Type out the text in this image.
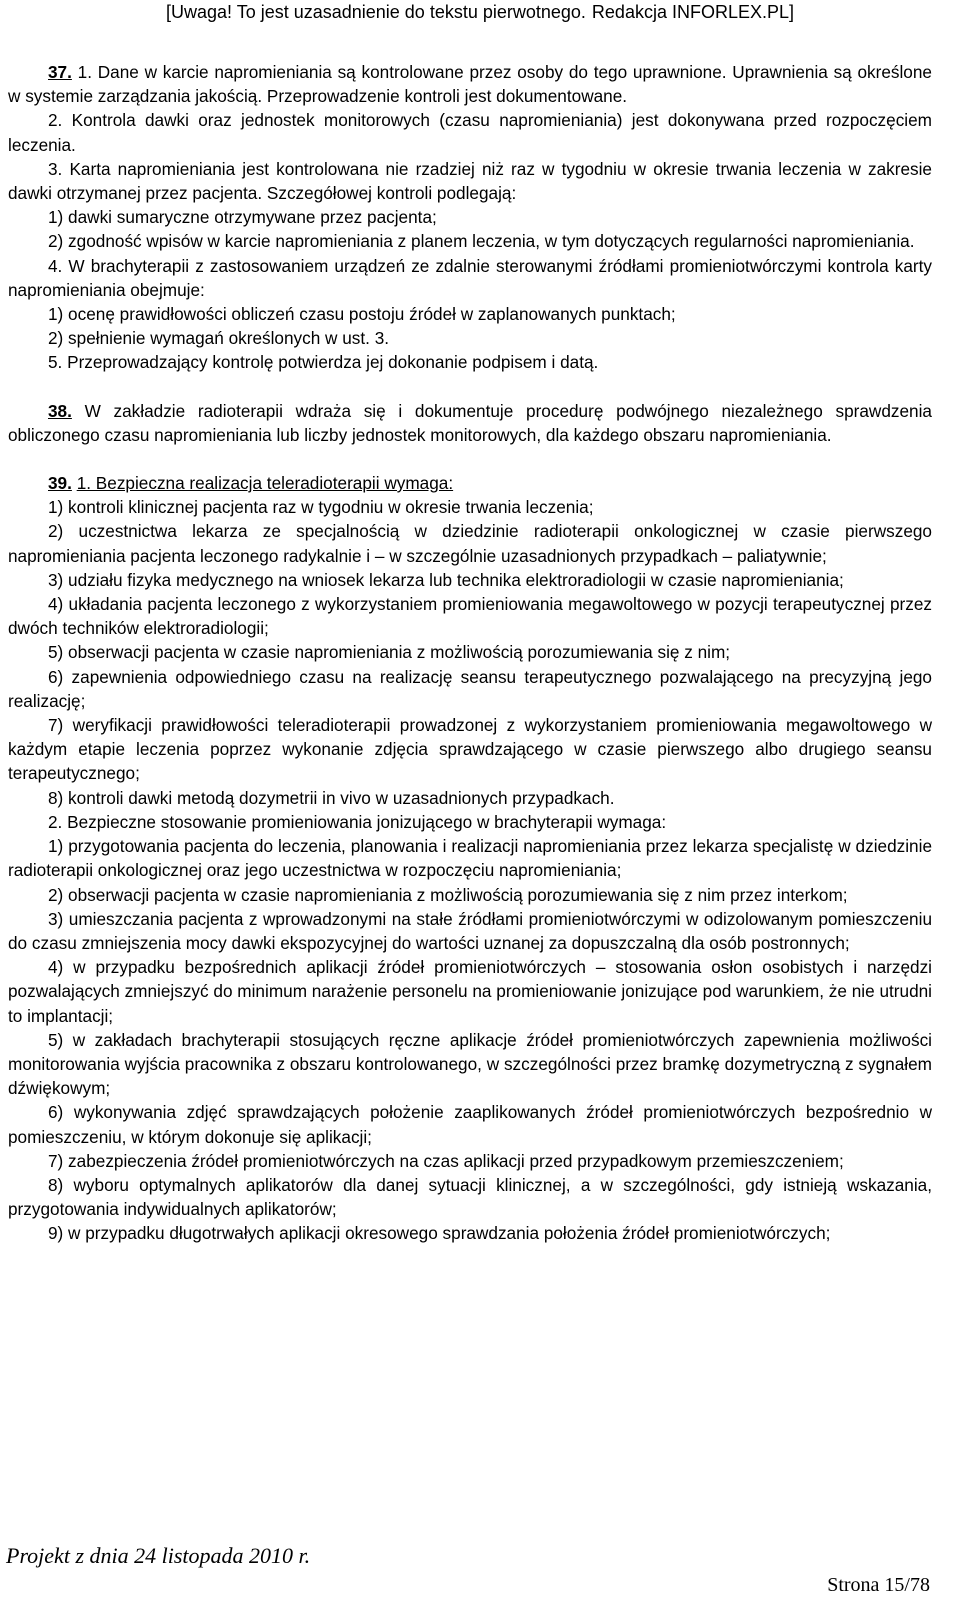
[Uwaga! To jest uzasadnienie do tekstu pierwotnego. Redakcja INFORLEX.PL]

37. 1. Dane w karcie napromieniania są kontrolowane przez osoby do tego uprawnione. Uprawnienia są określone w systemie zarządzania jakością. Przeprowadzenie kontroli jest dokumentowane.

2. Kontrola dawki oraz jednostek monitorowych (czasu napromieniania) jest dokonywana przed rozpoczęciem leczenia.

3. Karta napromieniania jest kontrolowana nie rzadziej niż raz w tygodniu w okresie trwania leczenia w zakresie dawki otrzymanej przez pacjenta. Szczegółowej kontroli podlegają:

1) dawki sumaryczne otrzymywane przez pacjenta;
2) zgodność wpisów w karcie napromieniania z planem leczenia, w tym dotyczących regularności napromieniania.

4. W brachyterapii z zastosowaniem urządzeń ze zdalnie sterowanymi źródłami promieniotwórczymi kontrola karty napromieniania obejmuje:

1) ocenę prawidłowości obliczeń czasu postoju źródeł w zaplanowanych punktach;
2) spełnienie wymagań określonych w ust. 3.

5. Przeprowadzający kontrolę potwierdza jej dokonanie podpisem i datą.

38. W zakładzie radioterapii wdraża się i dokumentuje procedurę podwójnego niezależnego sprawdzenia obliczonego czasu napromieniania lub liczby jednostek monitorowych, dla każdego obszaru napromieniania.

39. 1. Bezpieczna realizacja teleradioterapii wymaga:

1) kontroli klinicznej pacjenta raz w tygodniu w okresie trwania leczenia;
2) uczestnictwa lekarza ze specjalnością w dziedzinie radioterapii onkologicznej w czasie pierwszego napromieniania pacjenta leczonego radykalnie i – w szczególnie uzasadnionych przypadkach – paliatywnie;
3) udziału fizyka medycznego na wniosek lekarza lub technika elektroradiologii w czasie napromieniania;
4) układania pacjenta leczonego z wykorzystaniem promieniowania megawoltowego w pozycji terapeutycznej przez dwóch techników elektroradiologii;
5) obserwacji pacjenta w czasie napromieniania z możliwością porozumiewania się z nim;
6) zapewnienia odpowiedniego czasu na realizację seansu terapeutycznego pozwalającego na precyzyjną jego realizację;
7) weryfikacji prawidłowości teleradioterapii prowadzonej z wykorzystaniem promieniowania megawoltowego w każdym etapie leczenia poprzez wykonanie zdjęcia sprawdzającego w czasie pierwszego albo drugiego seansu terapeutycznego;
8) kontroli dawki metodą dozymetrii in vivo w uzasadnionych przypadkach.

2. Bezpieczne stosowanie promieniowania jonizującego w brachyterapii wymaga:

1) przygotowania pacjenta do leczenia, planowania i realizacji napromieniania przez lekarza specjalistę w dziedzinie radioterapii onkologicznej oraz jego uczestnictwa w rozpoczęciu napromieniania;
2) obserwacji pacjenta w czasie napromieniania z możliwością porozumiewania się z nim przez interkom;
3) umieszczania pacjenta z wprowadzonymi na stałe źródłami promieniotwórczymi w odizolowanym pomieszczeniu do czasu zmniejszenia mocy dawki ekspozycyjnej do wartości uznanej za dopuszczalną dla osób postronnych;
4) w przypadku bezpośrednich aplikacji źródeł promieniotwórczych – stosowania osłon osobistych i narzędzi pozwalających zmniejszyć do minimum narażenie personelu na promieniowanie jonizujące pod warunkiem, że nie utrudni to implantacji;
5) w zakładach brachyterapii stosujących ręczne aplikacje źródeł promieniotwórczych zapewnienia możliwości monitorowania wyjścia pracownika z obszaru kontrolowanego, w szczególności przez bramkę dozymetryczną z sygnałem dźwiękowym;
6) wykonywania zdjęć sprawdzających położenie zaaplikowanych źródeł promieniotwórczych bezpośrednio w pomieszczeniu, w którym dokonuje się aplikacji;
7) zabezpieczenia źródeł promieniotwórczych na czas aplikacji przed przypadkowym przemieszczeniem;
8) wyboru optymalnych aplikatorów dla danej sytuacji klinicznej, a w szczególności, gdy istnieją wskazania, przygotowania indywidualnych aplikatorów;
9) w przypadku długotrwałych aplikacji okresowego sprawdzania położenia źródeł promieniotwórczych;
Projekt z dnia 24 listopada 2010 r.
Strona 15/78
